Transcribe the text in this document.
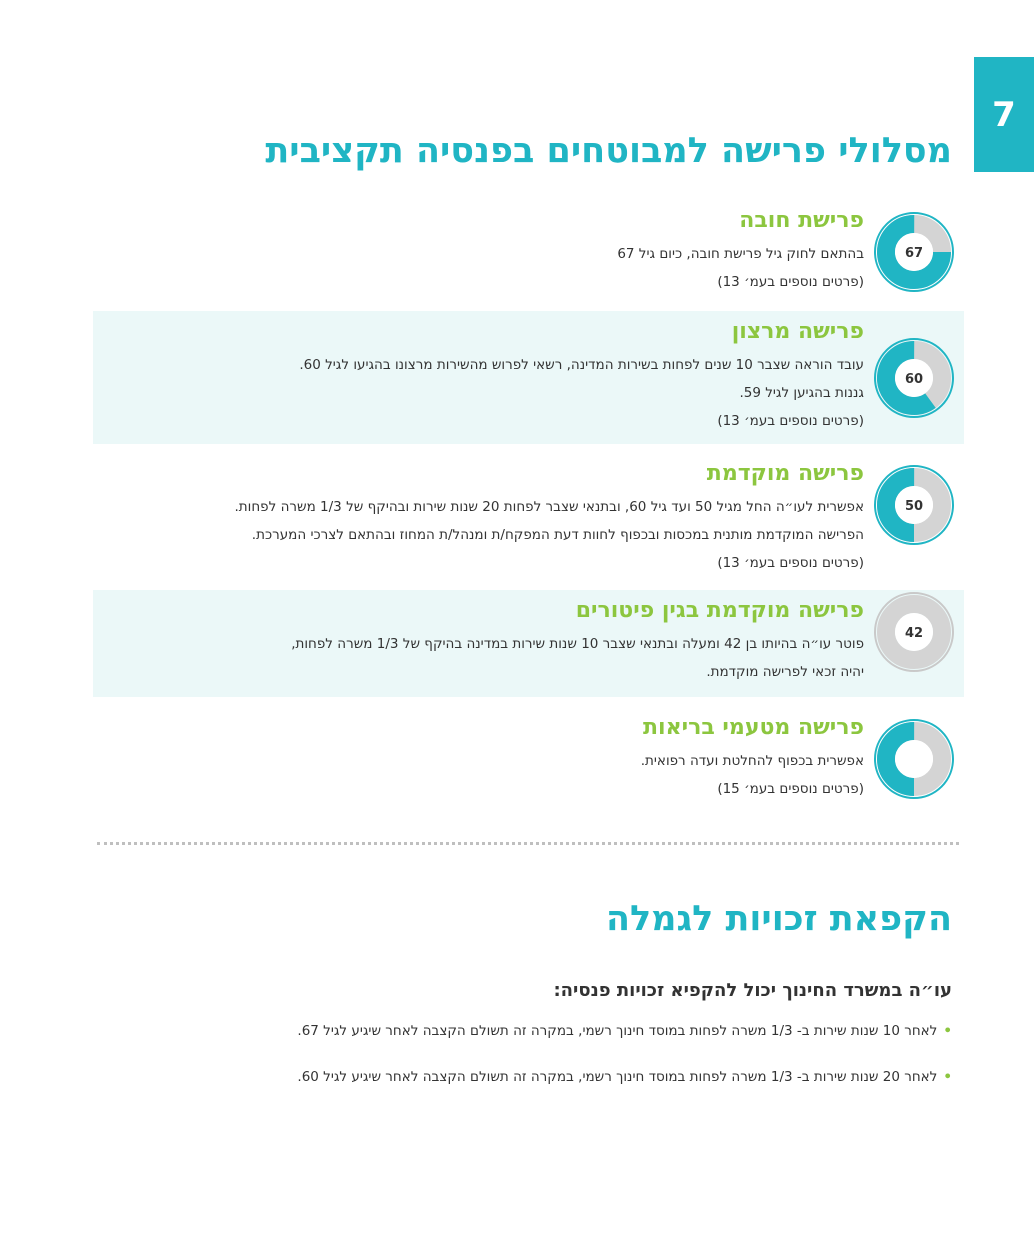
7
מסלולי פרישה למבוטחים בפנסיה תקציבית
67
פרישת חובה
בהתאם לחוק גיל פרישת חובה, כיום גיל 67
(פרטים נוספים בעמ׳ 13)
60
פרישה מרצון
עובד הוראה שצבר 10 שנים לפחות בשירות המדינה, רשאי לפרוש מהשירות מרצונו בהגיעו לגיל 60.
גננות בהגיען לגיל 59.
(פרטים נוספים בעמ׳ 13)
50
פרישה מוקדמת
אפשרית לעו״ה החל מגיל 50 ועד גיל 60, ובתנאי שצבר לפחות 20 שנות שירות ובהיקף של 1/3 משרה לפחות.
הפרישה המוקדמת מותנית במכסות ובכפוף לחוות דעת המפקח/ת ומנהל/ת המחוז ובהתאם לצרכי המערכת.
(פרטים נוספים בעמ׳ 13)
42
פרישה מוקדמת בגין פיטורים
פוטר עו״ה בהיותו בן 42 ומעלה ובתנאי שצבר 10 שנות שירות במדינה בהיקף של 1/3 משרה לפחות,
יהיה זכאי לפרישה מוקדמת.
פרישה מטעמי בריאות
אפשרית בכפוף להחלטת ועדה רפואית.
(פרטים נוספים בעמ׳ 15)
הקפאת זכויות לגמלה
עו״ה במשרד החינוך יכול להקפיא זכויות פנסיה:
•לאחר 10 שנות שירות ב- 1/3 משרה לפחות במוסד חינוך רשמי, במקרה זה תשולם הקצבה לאחר שיגיע לגיל 67.
•לאחר 20 שנות שירות ב- 1/3 משרה לפחות במוסד חינוך רשמי, במקרה זה תשולם הקצבה לאחר שיגיע לגיל 60.
